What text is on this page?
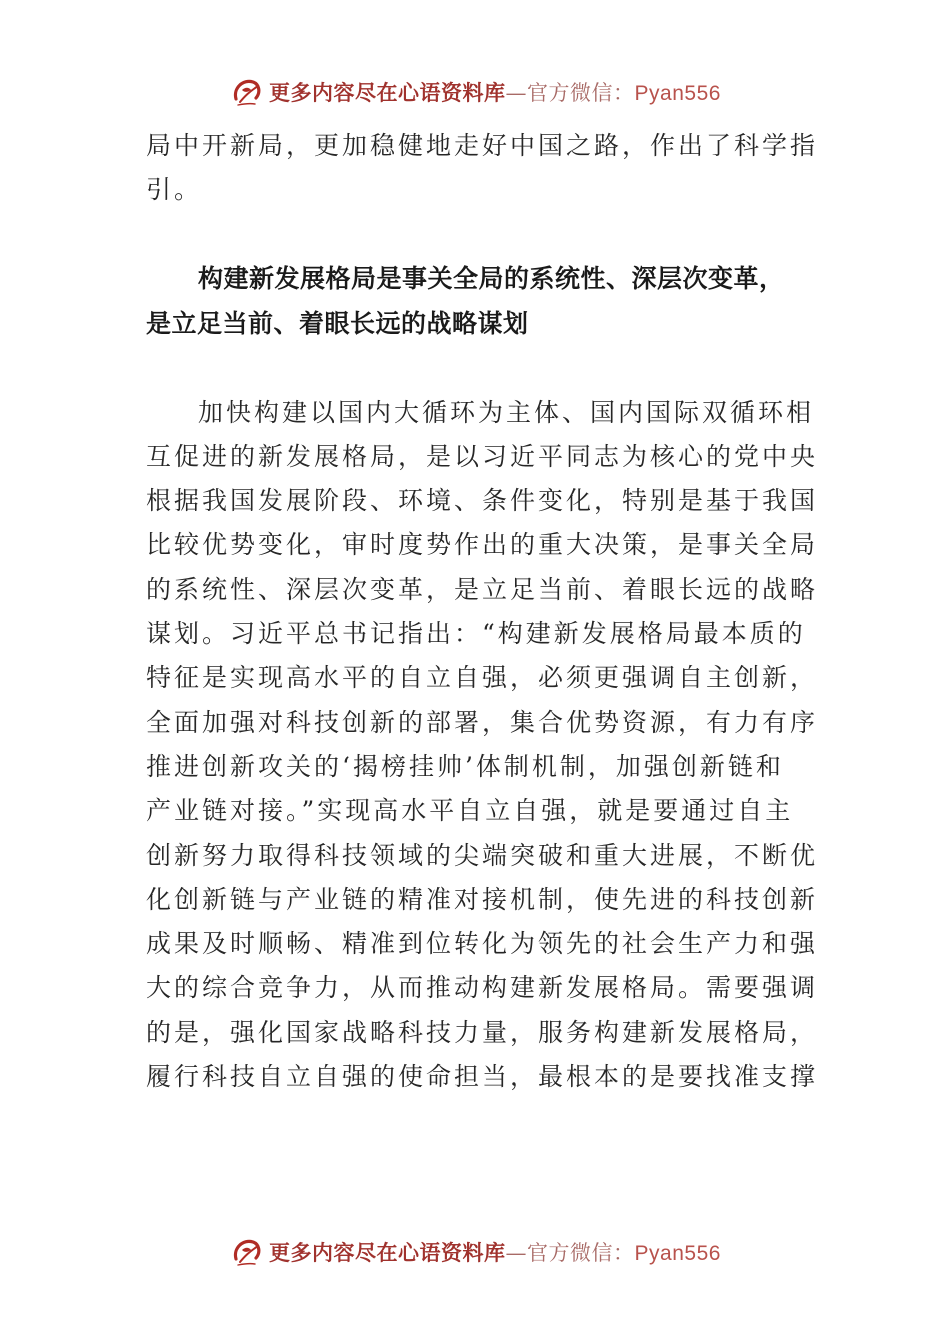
更多内容尽在心语资料库—官方微信：Pyan556
局中开新局，更加稳健地走好中国之路，作出了科学指
引。
构建新发展格局是事关全局的系统性、深层次变革，
是立足当前、着眼长远的战略谋划
加快构建以国内大循环为主体、国内国际双循环相
互促进的新发展格局，是以习近平同志为核心的党中央
根据我国发展阶段、环境、条件变化，特别是基于我国
比较优势变化，审时度势作出的重大决策，是事关全局
的系统性、深层次变革，是立足当前、着眼长远的战略
谋划。习近平总书记指出：“构建新发展格局最本质的
特征是实现高水平的自立自强，必须更强调自主创新，
全面加强对科技创新的部署，集合优势资源，有力有序
推进创新攻关的‘揭榜挂帅’体制机制，加强创新链和
产业链对接。”实现高水平自立自强，就是要通过自主
创新努力取得科技领域的尖端突破和重大进展，不断优
化创新链与产业链的精准对接机制，使先进的科技创新
成果及时顺畅、精准到位转化为领先的社会生产力和强
大的综合竞争力，从而推动构建新发展格局。需要强调
的是，强化国家战略科技力量，服务构建新发展格局，
履行科技自立自强的使命担当，最根本的是要找准支撑
更多内容尽在心语资料库—官方微信：Pyan556
